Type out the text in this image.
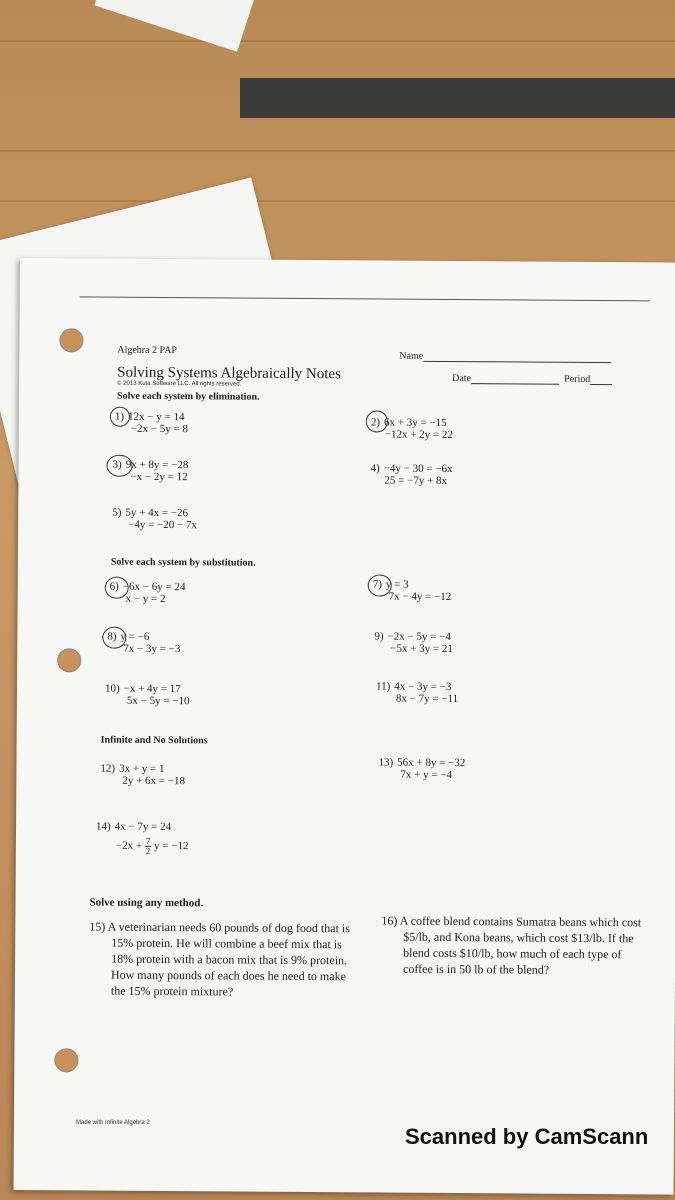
Algebra 2 PAP
Solving Systems Algebraically Notes
© 2013 Kuta Software LLC. All rights reserved.
Solve each system by elimination.
Name
Date	Period
1) 12x − y = 14
−2x − 5y = 8
2) 6x + 3y = −15
−12x + 2y = 22
3) 9x + 8y = −28
−x − 2y = 12
4) −4y − 30 = −6x
25 = −7y + 8x
5) 5y + 4x = −26
−4y = −20 − 7x
Solve each system by substitution.
6) −6x − 6y = 24
x − y = 2
7) y = 3
7x − 4y = −12
8) y = −6
7x − 3y = −3
9) −2x − 5y = −4
−5x + 3y = 21
10) −x + 4y = 17
5x − 5y = −10
11) 4x − 3y = −3
8x − 7y = −11
Infinite and No Solutions
12) 3x + y = 1
2y + 6x = −18
13) 56x + 8y = −32
7x + y = −4
14) 4x − 7y = 24
$-2x + \frac{7}{2}$ y = −12
Solve using any method.
15) A veterinarian needs 60 pounds of dog food that is 15% protein. He will combine a beef mix that is 18% protein with a bacon mix that is 9% protein. How many pounds of each does he need to make the 15% protein mixture?
16) A coffee blend contains Sumatra beans which cost $5/lb, and Kona beans, which cost $13/lb. If the blend costs $10/lb, how much of each type of coffee is in 50 lb of the blend?
Made with Infinite Algebra 2
Scanned by CamScann
